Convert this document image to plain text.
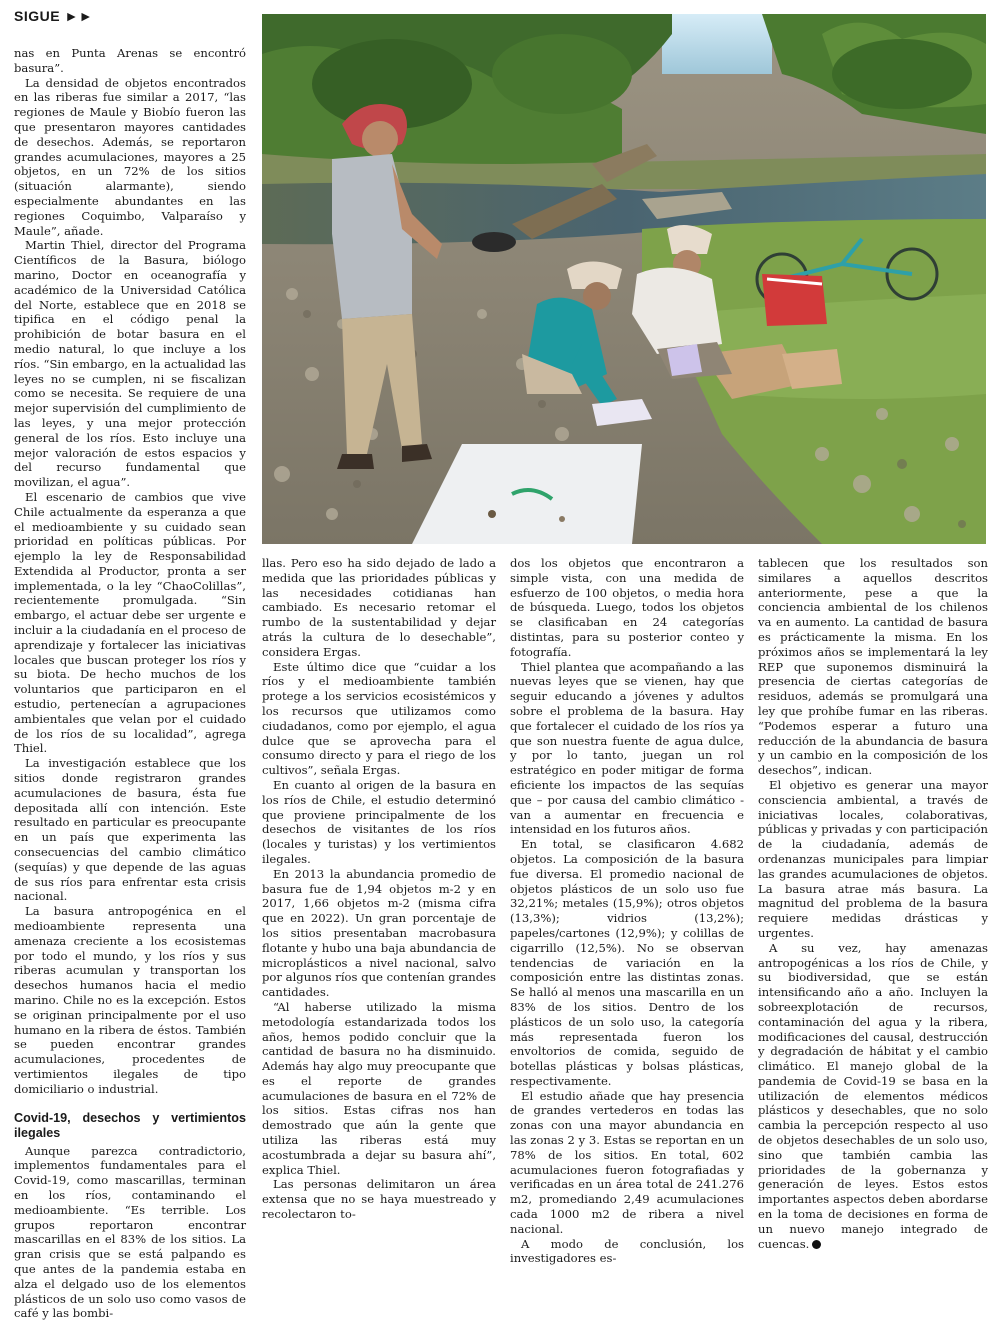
SIGUE ►►

nas en Punta Arenas se encontró basura”.

La densidad de objetos encontrados en las riberas fue similar a 2017, “las regiones de Maule y Biobío fueron las que presentaron mayores cantidades de desechos. Además, se reportaron grandes acumulaciones, mayores a 25 objetos, en un 72% de los sitios (situación alarmante), siendo especialmente abundantes en las regiones Coquimbo, Valparaíso y Maule”, añade.

Martin Thiel, director del Programa Científicos de la Basura, biólogo marino, Doctor en oceanografía y académico de la Universidad Católica del Norte, establece que en 2018 se tipifica en el código penal la prohibición de botar basura en el medio natural, lo que incluye a los ríos. “Sin embargo, en la actualidad las leyes no se cumplen, ni se fiscalizan como se necesita. Se requiere de una mejor supervisión del cumplimiento de las leyes, y una mejor protección general de los ríos. Esto incluye una mejor valoración de estos espacios y del recurso fundamental que movilizan, el agua”.

El escenario de cambios que vive Chile actualmente da esperanza a que el medioambiente y su cuidado sean prioridad en políticas públicas. Por ejemplo la ley de Responsabilidad Extendida al Productor, pronta a ser implementada, o la ley “ChaoColillas”, recientemente promulgada. “Sin embargo, el actuar debe ser urgente e incluir a la ciudadanía en el proceso de aprendizaje y fortalecer las iniciativas locales que buscan proteger los ríos y su biota. De hecho muchos de los voluntarios que participaron en el estudio, pertenecían a agrupaciones ambientales que velan por el cuidado de los ríos de su localidad”, agrega Thiel.

La investigación establece que los sitios donde registraron grandes acumulaciones de basura, ésta fue depositada allí con intención. Este resultado en particular es preocupante en un país que experimenta las consecuencias del cambio climático (sequías) y que depende de las aguas de sus ríos para enfrentar esta crisis nacional.

La basura antropogénica en el medioambiente representa una amenaza creciente a los ecosistemas por todo el mundo, y los ríos y sus riberas acumulan y transportan los desechos humanos hacia el medio marino. Chile no es la excepción. Estos se originan principalmente por el uso humano en la ribera de éstos. También se pueden encontrar grandes acumulaciones, procedentes de vertimientos ilegales de tipo domiciliario o industrial.

Covid-19, desechos y vertimientos ilegales

Aunque parezca contradictorio, implementos fundamentales para el Covid-19, como mascarillas, terminan en los ríos, contaminando el medioambiente. “Es terrible. Los grupos reportaron encontrar mascarillas en el 83% de los sitios. La gran crisis que se está palpando es que antes de la pandemia estaba en alza el delgado uso de los elementos plásticos de un solo uso como vasos de café y las bombi-

llas. Pero eso ha sido dejado de lado a medida que las prioridades públicas y las necesidades cotidianas han cambiado. Es necesario retomar el rumbo de la sustentabilidad y dejar atrás la cultura de lo desechable”, considera Ergas.

Este último dice que “cuidar a los ríos y el medioambiente también protege a los servicios ecosistémicos y los recursos que utilizamos como ciudadanos, como por ejemplo, el agua dulce que se aprovecha para el consumo directo y para el riego de los cultivos”, señala Ergas.

En cuanto al origen de la basura en los ríos de Chile, el estudio determinó que proviene principalmente de los desechos de visitantes de los ríos (locales y turistas) y los vertimientos ilegales.

En 2013 la abundancia promedio de basura fue de 1,94 objetos m-2 y en 2017, 1,66 objetos m-2 (misma cifra que en 2022). Un gran porcentaje de los sitios presentaban macrobasura flotante y hubo una baja abundancia de microplásticos a nivel nacional, salvo por algunos ríos que contenían grandes cantidades.

“Al haberse utilizado la misma metodología estandarizada todos los años, hemos podido concluir que la cantidad de basura no ha disminuido. Además hay algo muy preocupante que es el reporte de grandes acumulaciones de basura en el 72% de los sitios. Estas cifras nos han demostrado que aún la gente que utiliza las riberas está muy acostumbrada a dejar su basura ahí”, explica Thiel.

Las personas delimitaron un área extensa que no se haya muestreado y recolectaron to-

dos los objetos que encontraron a simple vista, con una medida de esfuerzo de 100 objetos, o media hora de búsqueda. Luego, todos los objetos se clasificaban en 24 categorías distintas, para su posterior conteo y fotografía.

Thiel plantea que acompañando a las nuevas leyes que se vienen, hay que seguir educando a jóvenes y adultos sobre el problema de la basura. Hay que fortalecer el cuidado de los ríos ya que son nuestra fuente de agua dulce, y por lo tanto, juegan un rol estratégico en poder mitigar de forma eficiente los impactos de las sequías que – por causa del cambio climático - van a aumentar en frecuencia e intensidad en los futuros años.

En total, se clasificaron 4.682 objetos. La composición de la basura fue diversa. El promedio nacional de objetos plásticos de un solo uso fue 32,21%; metales (15,9%); otros objetos (13,3%); vidrios (13,2%); papeles/cartones (12,9%); y colillas de cigarrillo (12,5%). No se observan tendencias de variación en la composición entre las distintas zonas. Se halló al menos una mascarilla en un 83% de los sitios. Dentro de los plásticos de un solo uso, la categoría más representada fueron los envoltorios de comida, seguido de botellas plásticas y bolsas plásticas, respectivamente.

El estudio añade que hay presencia de grandes vertederos en todas las zonas con una mayor abundancia en las zonas 2 y 3. Estas se reportan en un 78% de los sitios. En total, 602 acumulaciones fueron fotografiadas y verificadas en un área total de 241.276 m2, promediando 2,49 acumulaciones cada 1000 m2 de ribera a nivel nacional.

A modo de conclusión, los investigadores es-

tablecen que los resultados son similares a aquellos descritos anteriormente, pese a que la conciencia ambiental de los chilenos va en aumento. La cantidad de basura es prácticamente la misma. En los próximos años se implementará la ley REP que suponemos disminuirá la presencia de ciertas categorías de residuos, además se promulgará una ley que prohíbe fumar en las riberas. “Podemos esperar a futuro una reducción de la abundancia de basura y un cambio en la composición de los desechos”, indican.

El objetivo es generar una mayor consciencia ambiental, a través de iniciativas locales, colaborativas, públicas y privadas y con participación de la ciudadanía, además de ordenanzas municipales para limpiar las grandes acumulaciones de objetos. La basura atrae más basura. La magnitud del problema de la basura requiere medidas drásticas y urgentes.

A su vez, hay amenazas antropogénicas a los ríos de Chile, y su biodiversidad, que se están intensificando año a año. Incluyen la sobreexplotación de recursos, contaminación del agua y la ribera, modificaciones del causal, destrucción y degradación de hábitat y el cambio climático. El manejo global de la pandemia de Covid-19 se basa en la utilización de elementos médicos plásticos y desechables, que no solo cambia la percepción respecto al uso de objetos desechables de un solo uso, sino que también cambia las prioridades de la gobernanza y generación de leyes. Estos estos importantes aspectos deben abordarse en la toma de decisiones en forma de un nuevo manejo integrado de cuencas.
